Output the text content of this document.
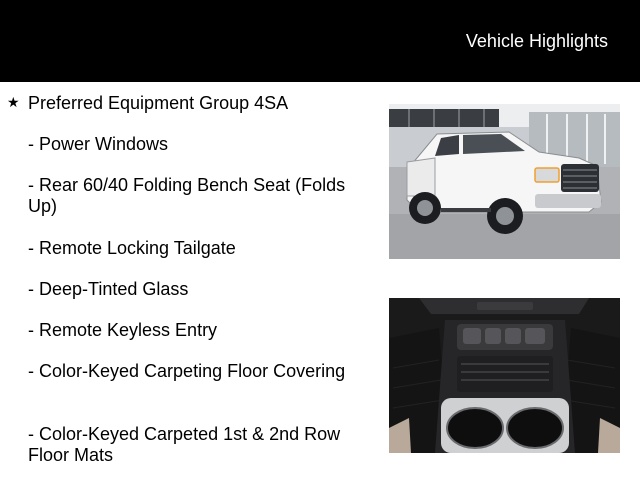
Vehicle Highlights
★ Preferred Equipment Group 4SA
- Power Windows
- Rear 60/40 Folding Bench Seat (Folds Up)
- Remote Locking Tailgate
- Deep-Tinted Glass
- Remote Keyless Entry
- Color-Keyed Carpeting Floor Covering
- Color-Keyed Carpeted 1st & 2nd Row Floor Mats
